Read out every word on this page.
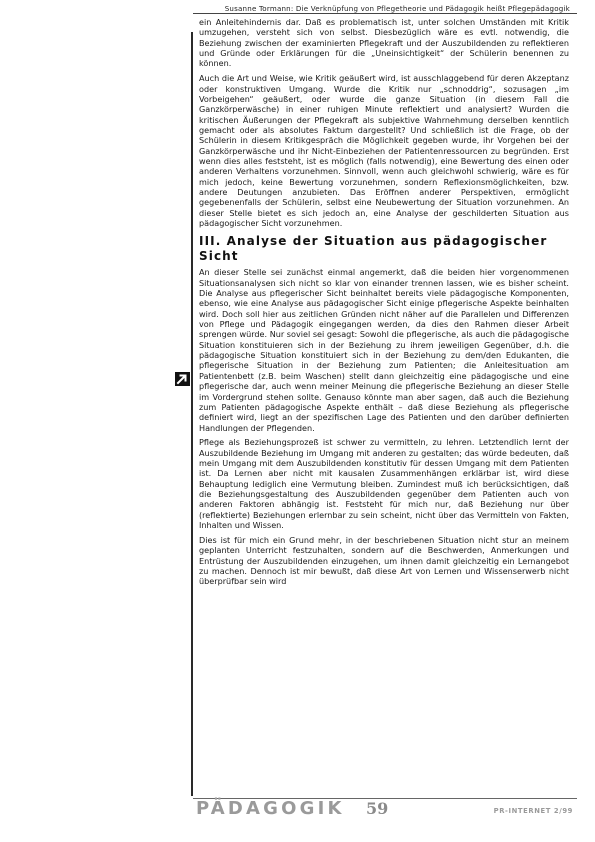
Susanne Tormann: Die Verknüpfung von Pflegetheorie und Pädagogik heißt Pflegepädagogik

ein Anleitehindernis dar. Daß es problematisch ist, unter solchen Umständen mit Kritik umzugehen, versteht sich von selbst. Diesbezüglich wäre es evtl. notwendig, die Beziehung zwischen der examinierten Pflegekraft und der Auszubildenden zu reflektieren und Gründe oder Erklärungen für die „Uneinsichtigkeit“ der Schülerin benennen zu können.

Auch die Art und Weise, wie Kritik geäußert wird, ist ausschlaggebend für deren Akzeptanz oder konstruktiven Umgang. Wurde die Kritik nur „schnoddrig“, sozusagen „im Vorbeigehen“ geäußert, oder wurde die ganze Situation (in diesem Fall die Ganzkörperwäsche) in einer ruhigen Minute reflektiert und analysiert? Wurden die kritischen Äußerungen der Pflegekraft als subjektive Wahrnehmung derselben kenntlich gemacht oder als absolutes Faktum dargestellt? Und schließlich ist die Frage, ob der Schülerin in diesem Kritikgespräch die Möglichkeit gegeben wurde, ihr Vorgehen bei der Ganzkörperwäsche und ihr Nicht-Einbeziehen der Patientenressourcen zu begründen. Erst wenn dies alles feststeht, ist es möglich (falls notwendig), eine Bewertung des einen oder anderen Verhaltens vorzunehmen. Sinnvoll, wenn auch gleichwohl schwierig, wäre es für mich jedoch, keine Bewertung vorzunehmen, sondern Reflexionsmöglichkeiten, bzw. andere Deutungen anzubieten. Das Eröffnen anderer Perspektiven, ermöglicht gegebenenfalls der Schülerin, selbst eine Neubewertung der Situation vorzunehmen. An dieser Stelle bietet es sich jedoch an, eine Analyse der geschilderten Situation aus pädagogischer Sicht vorzunehmen.

III. Analyse der Situation aus pädagogischer Sicht

An dieser Stelle sei zunächst einmal angemerkt, daß die beiden hier vorgenommenen Situationsanalysen sich nicht so klar von einander trennen lassen, wie es bisher scheint. Die Analyse aus pflegerischer Sicht beinhaltet bereits viele pädagogische Komponenten, ebenso, wie eine Analyse aus pädagogischer Sicht einige pflegerische Aspekte beinhalten wird. Doch soll hier aus zeitlichen Gründen nicht näher auf die Parallelen und Differenzen von Pflege und Pädagogik eingegangen werden, da dies den Rahmen dieser Arbeit sprengen würde. Nur soviel sei gesagt: Sowohl die pflegerische, als auch die pädagogische Situation konstituieren sich in der Beziehung zu ihrem jeweiligen Gegenüber, d.h. die pädagogische Situation konstituiert sich in der Beziehung zu dem/den Edukanten, die pflegerische Situation in der Beziehung zum Patienten; die Anleitesituation am Patientenbett (z.B. beim Waschen) stellt dann gleichzeitig eine pädagogische und eine pflegerische dar, auch wenn meiner Meinung die pflegerische Beziehung an dieser Stelle im Vordergrund stehen sollte. Genauso könnte man aber sagen, daß auch die Beziehung zum Patienten pädagogische Aspekte enthält – daß diese Beziehung als pflegerische definiert wird, liegt an der spezifischen Lage des Patienten und den darüber definierten Handlungen der Pflegenden.

Pflege als Beziehungsprozeß ist schwer zu vermitteln, zu lehren. Letztendlich lernt der Auszubildende Beziehung im Umgang mit anderen zu gestalten; das würde bedeuten, daß mein Umgang mit dem Auszubildenden konstitutiv für dessen Umgang mit dem Patienten ist. Da Lernen aber nicht mit kausalen Zusammenhängen erklärbar ist, wird diese Behauptung lediglich eine Vermutung bleiben. Zumindest muß ich berücksichtigen, daß die Beziehungsgestaltung des Auszubildenden gegenüber dem Patienten auch von anderen Faktoren abhängig ist. Feststeht für mich nur, daß Beziehung nur über (reflektierte) Beziehungen erlernbar zu sein scheint, nicht über das Vermitteln von Fakten, Inhalten und Wissen.

Dies ist für mich ein Grund mehr, in der beschriebenen Situation nicht stur an meinem geplanten Unterricht festzuhalten, sondern auf die Beschwerden, Anmerkungen und Entrüstung der Auszubildenden einzugehen, um ihnen damit gleichzeitig ein Lernangebot zu machen. Dennoch ist mir bewußt, daß diese Art von Lernen und Wissenserwerb nicht überprüfbar sein wird

PÄDAGOGIK 59	PR-INTERNET 2/99
